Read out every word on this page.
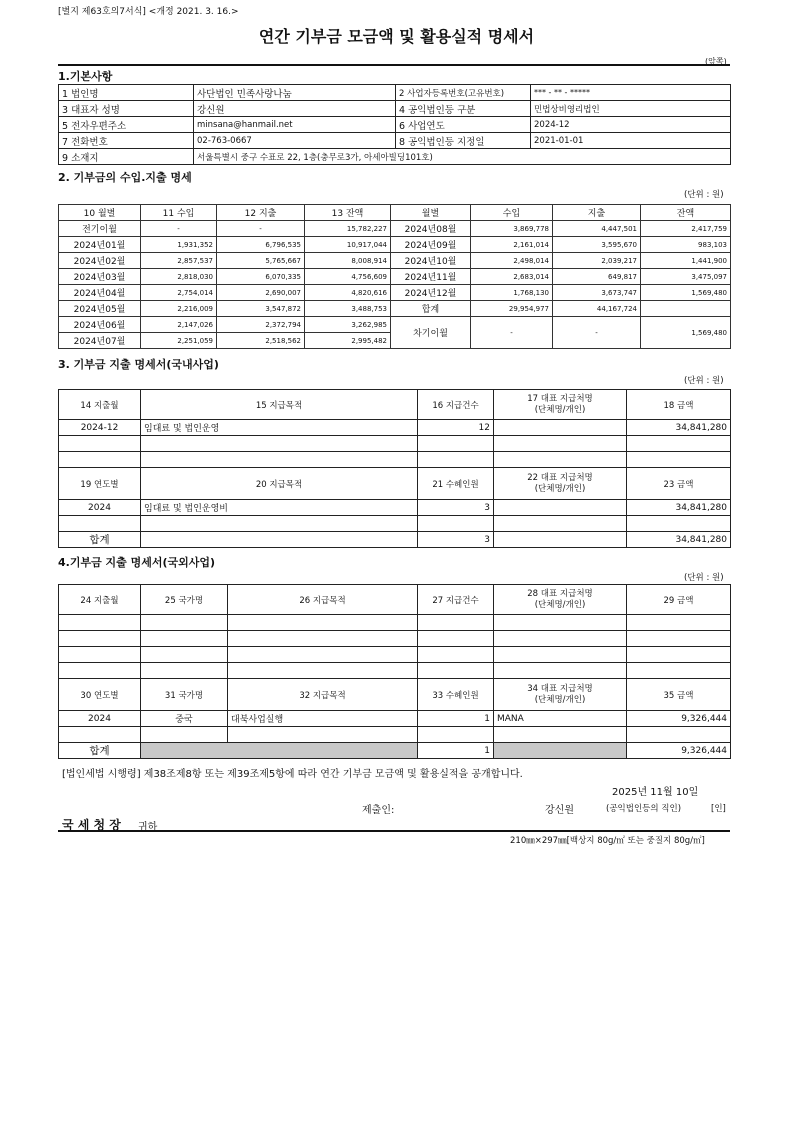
[별지 제63호의7서식] <개정 2021. 3. 16.>
연간 기부금 모금액 및 활용실적 명세서
(앞쪽)
1.기본사항
1 법인명	사단법인 민족사랑나눔	2 사업자등록번호(고유번호)	*** - ** - *****
3 대표자 성명	강신원	4 공익법인등 구분	민법상비영리법인
5 전자우편주소	minsana@hanmail.net	6 사업연도	2024-12
7 전화번호	02-763-0667	8 공익법인등 지정일	2021-01-01
9 소재지	서울특별시 중구 수표로 22, 1층(충무로3가, 아세아빌딩101호)		
2. 기부금의 수입.지출 명세
(단위 : 원)
10 월별	11 수입	12 지출	13 잔액	월별	수입	지출	잔액
전기이월	-	-	15,782,227	2024년08월	3,869,778	4,447,501	2,417,759
2024년01월	1,931,352	6,796,535	10,917,044	2024년09월	2,161,014	3,595,670	983,103
2024년02월	2,857,537	5,765,667	8,008,914	2024년10월	2,498,014	2,039,217	1,441,900
2024년03월	2,818,030	6,070,335	4,756,609	2024년11월	2,683,014	649,817	3,475,097
2024년04월	2,754,014	2,690,007	4,820,616	2024년12월	1,768,130	3,673,747	1,569,480
2024년05월	2,216,009	3,547,872	3,488,753	합계	29,954,977	44,167,724	
2024년06월	2,147,026	2,372,794	3,262,985	차기이월	-	-	1,569,480
2024년07월	2,251,059	2,518,562	2,995,482				
3. 기부금 지출 명세서(국내사업)
(단위 : 원)
14 지출월	15 지급목적	16 지급건수	17 대표 지급처명
(단체명/개인)	18 금액
2024-12	임대료 및 법인운영	12		34,841,280

19 연도별	20 지급목적	21 수혜인원	22 대표 지급처명
(단체명/개인)	23 금액
2024	임대료 및 법인운영비	3		34,841,280

합계		3		34,841,280
4.기부금 지출 명세서(국외사업)
(단위 : 원)
24 지출월	25 국가명	26 지급목적	27 지급건수	28 대표 지급처명
(단체명/개인)	29 금액

30 연도별	31 국가명	32 지급목적	33 수혜인원	34 대표 지급처명
(단체명/개인)	35 금액
2024	중국	대북사업실행	1	MANA	9,326,444

합계			1		9,326,444
[법인세법 시행령] 제38조제8항 또는 제39조제5항에 따라 연간 기부금 모금액 및 활용실적을 공개합니다.
2025년 11월 10일
제출인:	강신원	(공익법인등의 직인)	[인]
국 세 청 장 귀하
210㎜×297㎜[백상지 80g/㎡ 또는 중질지 80g/㎡]
